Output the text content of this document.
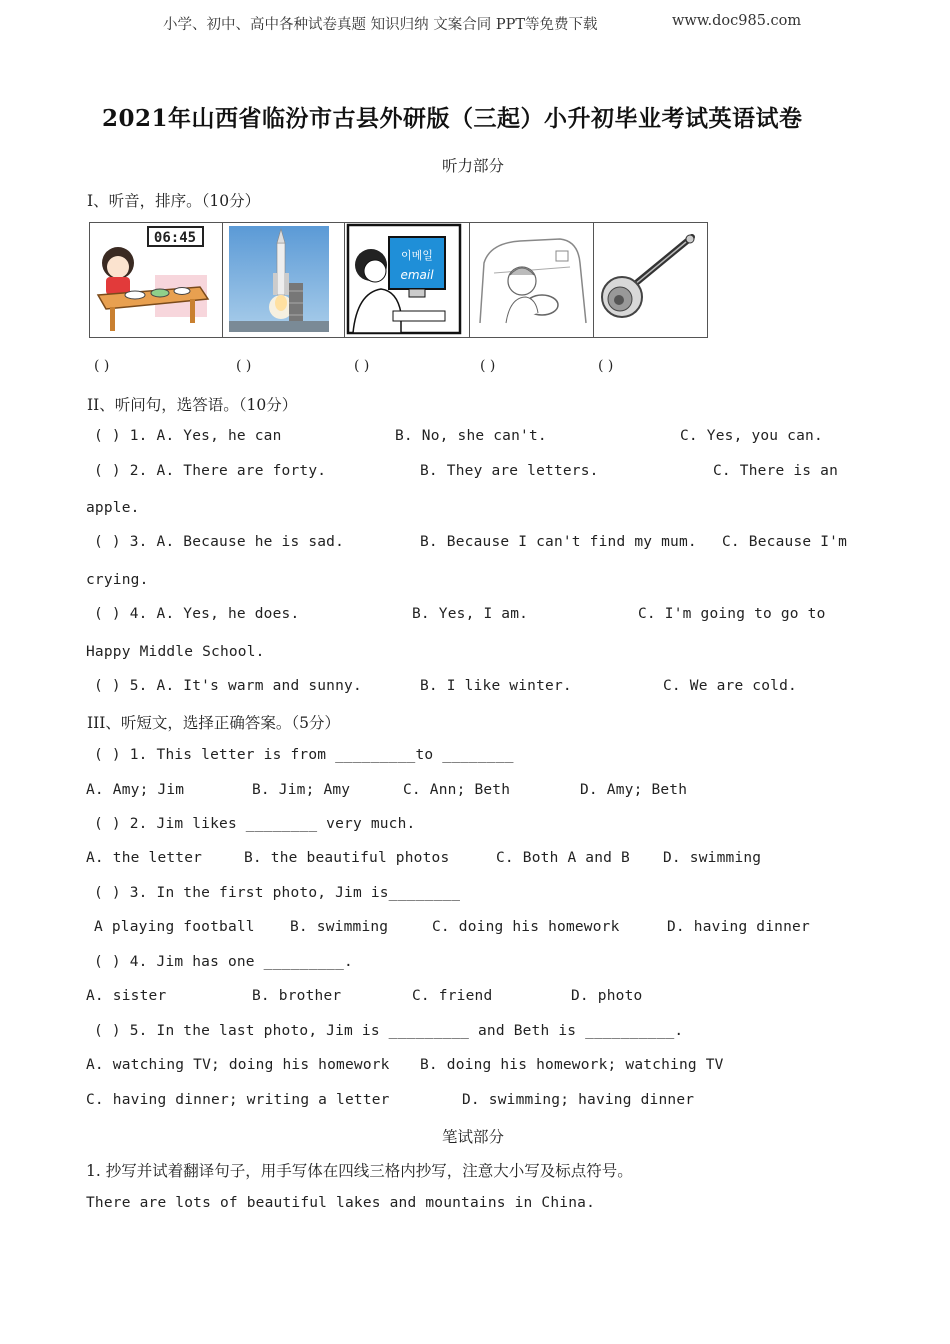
小学、初中、高中各种试卷真题 知识归纳 文案合同 PPT等免费下载	www.doc985.com
2021年山西省临汾市古县外研版（三起）小升初毕业考试英语试卷
听力部分
I、听音，排序。（10分）
06:45
이메일
email
( )	( )	( )	( )	( )
II、听问句，选答语。（10分）
( ) 1. A. Yes, he can	B. No, she can't.	C. Yes, you can.
( ) 2. A. There are forty.	B. They are letters.	C. There is an
apple.
( ) 3. A. Because he is sad.	B. Because I can't find my mum. C. Because I'm
crying.
( ) 4. A. Yes, he does.	B. Yes, I am.	C. I'm going to go to
Happy Middle School.
( ) 5. A. It's warm and sunny.	B. I like winter.	C. We are cold.
III、听短文，选择正确答案。（5分）
( ) 1. This letter is from _________to ________
A. Amy; Jim	B. Jim; Amy	C. Ann; Beth	D. Amy; Beth
( ) 2. Jim likes ________ very much.
A. the letter	B. the beautiful photos	C. Both A and B D. swimming
( ) 3. In the first photo, Jim is________
A playing football B. swimming	C. doing his homework	D. having dinner
( ) 4. Jim has one _________.
A. sister	B. brother	C. friend	D. photo
( ) 5. In the last photo, Jim is _________ and Beth is __________.
A. watching TV; doing his homework B. doing his homework; watching TV
C. having dinner; writing a letter	D. swimming; having dinner
笔试部分
1. 抄写并试着翻译句子，用手写体在四线三格内抄写，注意大小写及标点符号。
There are lots of beautiful lakes and mountains in China.
